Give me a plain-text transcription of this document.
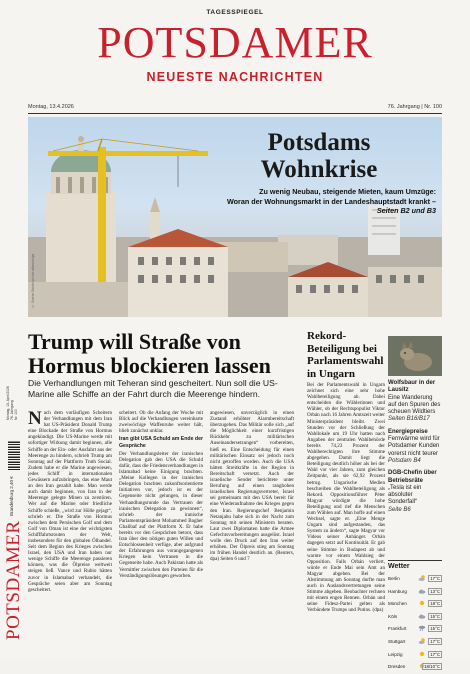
TAGESSPIEGEL
POTSDAMER
NEUESTE NACHRICHTEN
Montag, 13.4.2026	76. Jahrgang | Nr. 100
Potsdams
Wohnkrise
Zu wenig Neubau, steigende Mieten, kaum Umzüge:
Woran der Wohnungsmarkt in der Landeshauptstadt krankt –
Seiten B2 und B3
© Soeren Stache/picture alliance/dpa
Montag, 13. April 2026 76. Jahrgang Nr. 100
Brandenburg 2,40 €
POTSDAMER
Trump will Straße von Hormus blockieren lassen
Die Verhandlungen mit Teheran sind gescheitert. Nun soll die US-Marine alle Schiffe an der Fahrt durch die Meerenge hindern.
Nach dem vorläufigen Scheitern der Verhandlungen mit dem Iran hat US-Präsident Donald Trump eine Blockade der Straße von Hormus angekündigt. Die US-Marine werde mit sofortiger Wirkung damit beginnen, alle Schiffe an der Ein- oder Ausfahrt aus der Meerenge zu hindern, schrieb Trump am Sonntag auf der Plattform Truth Social. Zudem habe er die Marine angewiesen, jedes Schiff in internationalen Gewässern aufzubringen, das eine Maut an den Iran gezahlt habe. Man werde auch damit beginnen, von Iran in der Meerenge gelegte Minen zu zerstören. Wer auf die Marine oder friedliche Schiffe schieße, „wird zur Hölle gejagt“, schrieb er. Die Straße von Hormus zwischen dem Persischen Golf und dem Golf von Oman ist eine der wichtigsten Schifffahrtsrouten der Welt, insbesondere für den globalen Ölhandel. Seit dem Beginn des Krieges zwischen Israel, den USA und Iran haben nur wenige Schiffe die Meerenge passieren können, was die Ölpreise weltweit steigen ließ. Vance und Rubio hätten zuvor in Islamabad verhandelt, die Gespräche seien aber am Sonntag gescheitert.

scheitert. Ob die Anfang der Woche mit Blick auf die Verhandlungen vereinbarte zweiwöchige Waffenruhe weiter hält, blieb zunächst unklar.

Iran gibt USA Schuld am Ende der Gespräche

Der Verhandlungsleiter der iranischen Delegation gab den USA die Schuld dafür, dass die Friedensverhandlungen in Islamabad keine Einigung brachten. „Meine Kollegen in der iranischen Delegation brachten zukunftsorientierte Initiativen vor, jedoch ist es der Gegenseite nicht gelungen, in dieser Verhandlungsrunde das Vertrauen der iranischen Delegation zu gewinnen“, schrieb der iranische Parlamentspräsident Mohammed Bagher Ghalibaf auf der Plattform X. Er habe bereits vor den Gesprächen betont, dass Iran über den nötigen guten Willen und Entschlossenheit verfüge, aber aufgrund der Erfahrungen aus vorangegangenen Kriegen kein Vertrauen in die Gegenseite habe. Auch Pakistan hatte als Vermittler zwischen den Parteien für die Verständigungslösungen geworben.

angewiesen, unverzüglich in einen Zustand erhöhter Alarmbereitschaft überzugehen. Das Militär solle sich „auf die Möglichkeit einer kurzfristigen Rückkehr zu militärischen Auseinandersetzungen“ vorbereiten, hieß es. Eine Entscheidung für einen militärischen Einsatz sei jedoch noch nicht getroffen worden. Auch die USA hätten Streitkräfte in der Region in Bereitschaft versetzt. Auch der israelische Sender berichtete unter Berufung auf einen ranghohen israelischen Regierungsvertreter, Israel sei gemeinsam mit den USA bereit für eine Wiederaufnahme des Krieges gegen den Iran. Regierungschef Benjamin Netanjahu habe sich in der Nacht zum Sonntag mit seinen Ministern beraten. Laut zwei Diplomaten hatte die Armee Gefechtsvorbereitungen ausgelöst. Israel wolle den Druck auf den Iran weiter erhöhen. Der Ölpreis stieg am Sonntag im frühen Handel deutlich an. (Reuters, dpa) Seiten 6 und 7

Rekord-Beteiligung bei Parlamentswahl in Ungarn
Bei der Parlamentswahl in Ungarn zeichnet sich eine sehr hohe Wahlbeteiligung ab. Dabei entscheiden die Wählerinnen und Wähler, ob der Rechtspopulist Viktor Orbán nach 16 Jahren Amtszeit weiter Ministerpräsident bleibt. Zwei Stunden vor der Schließung der Wahllokale um 19 Uhr hatten nach Angaben der zentralen Wahlbehörde bereits 74,23 Prozent der Wahlberechtigten ihre Stimme abgegeben. Damit liegt die Beteiligung deutlich höher als bei der Wahl vor vier Jahren, zum gleichen Zeitpunkt, als sie 62,92 Prozent betrug. Ungarische Medien beschreiben die Wahlbeteiligung als Rekord. Oppositionsführer Péter Magyar würdigte die hohe Beteiligung und rief die Menschen zum Wählen auf. Man hoffe auf einen Wechsel, sagte er. „Eine Menge Ungarn sind aufgestanden, das System zu ändern“, sagte Magyar vor Videos seiner Anhänger. Orbán dagegen setzt auf Kontinuität. Er gab seine Stimme in Budapest ab und warnte vor einem Wahlsieg der Opposition. Falls Orbán verliert, würde er Ende Mai sein Amt an Magyar abgeben. Bei der Abstimmung am Sonntag durfte man auch in Auslandsvertretungen seine Stimme abgeben. Beobachter rechnen mit einem engen Rennen. Orbán und seine Fidesz-Partei gelten als Verbündete Trumps und Putins. (dpa)
Wolfsbaur in der Lausitz
Eine Wanderung auf den Spuren des scheuen Wildtiers
Seiten B16/B17
Energiepreise
Fernwärme wird für Potsdamer Kunden vorerst nicht teurer
Potsdam B4
DGB-Chefin über Betriebsräte
„Tesla ist ein absoluter Sonderfall“
Seite B6
Wetter
Berlin	17°C
Hamburg	13°C
München	18°C
Köln	15°C
Frankfurt	15°C
Stuttgart	17°C
Leipzig	17°C
Dresden	18/10°C
